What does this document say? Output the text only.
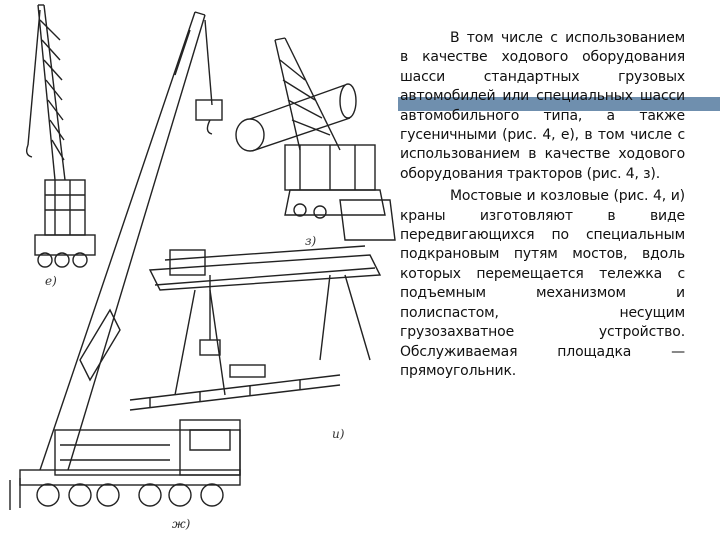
е)
з)
и)
ж)

В том числе с использованием в качестве ходового оборудования шасси стандартных грузовых автомобилей или специальных шасси автомобильного типа, а также гусеничными (рис. 4, е), в том числе с использованием в качестве ходового оборудования тракторов (рис. 4, з).

Мостовые и козловые (рис. 4, и) краны изготовляют в виде передвигающихся по специальным подкрановым путям мостов, вдоль которых перемещается тележка с подъемным механизмом и полиспастом, несущим грузозахватное устройство. Обслуживаемая площадка — прямоугольник.
